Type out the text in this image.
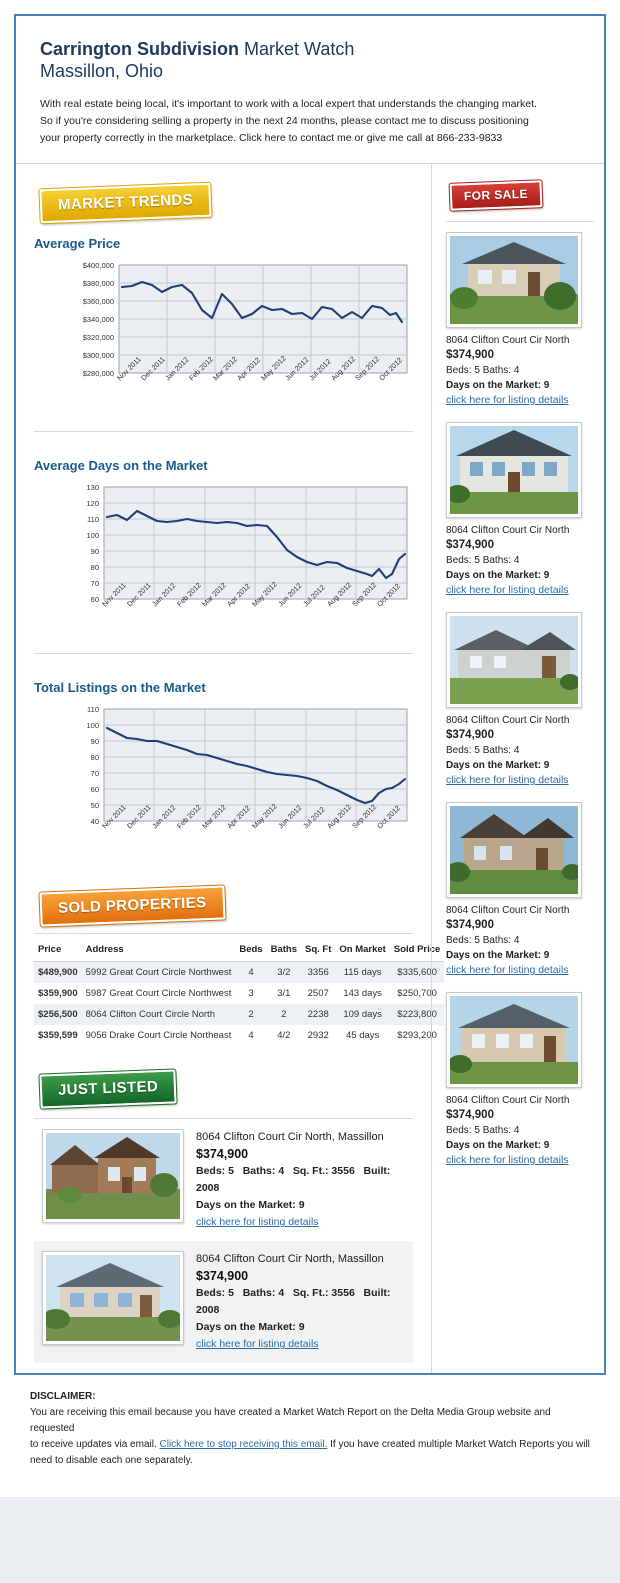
Carrington Subdivision Market Watch
Massillon, Ohio
With real estate being local, it's important to work with a local expert that understands the changing market.
So if you're considering selling a property in the next 24 months, please contact me to discuss positioning
your property correctly in the marketplace. Click here to contact me or give me call at 866-233-9833
MARKET TRENDS
Average Price
$400,000
$380,000
$360,000
$340,000
$320,000
$300,000
$280,000 Nov 2011
Dec 2011
Jan 2012
Feb 2012
Mar 2012
Apr 2012
May 2012
Jun 2012
Jul 2012
Aug 2012
Sep 2012
Oct 2012
Average Days on the Market
130
120
110
100
90
80
70
60 Nov 2011
Dec 2011
Jan 2012
Feb 2012
Mar 2012
Apr 2012
May 2012
Jun 2012
Jul 2012
Aug 2012
Sep 2012
Oct 2012
Total Listings on the Market
110
100
90
80
70
60
50
40 Nov 2011
Dec 2011
Jan 2012
Feb 2012
Mar 2012
Apr 2012
May 2012
Jun 2012
Jul 2012
Aug 2012
Sep 2012
Oct 2012
SOLD PROPERTIES
Price	Address	Beds	Baths	Sq. Ft	On Market	Sold Price
$489,900	5992 Great Court Circle Northwest	4	3/2	3356	115 days	$335,600
$359,900	5987 Great Court Circle Northwest	3	3/1	2507	143 days	$250,700
$256,500	8064 Clifton Court Circle North	2	2	2238	109 days	$223,800
$359,599	9056 Drake Court Circle Northeast	4	4/2	2932	45 days	$293,200
JUST LISTED
8064 Clifton Court Cir North, Massillon
$374,900
Beds: 5 Baths: 4 Sq. Ft.: 3556 Built: 2008
Days on the Market: 9
click here for listing details
8064 Clifton Court Cir North, Massillon
$374,900
Beds: 5 Baths: 4 Sq. Ft.: 3556 Built: 2008
Days on the Market: 9
click here for listing details
FOR SALE
8064 Clifton Court Cir North
$374,900
Beds: 5 Baths: 4
Days on the Market: 9
click here for listing details
8064 Clifton Court Cir North
$374,900
Beds: 5 Baths: 4
Days on the Market: 9
click here for listing details
8064 Clifton Court Cir North
$374,900
Beds: 5 Baths: 4
Days on the Market: 9
click here for listing details
8064 Clifton Court Cir North
$374,900
Beds: 5 Baths: 4
Days on the Market: 9
click here for listing details
8064 Clifton Court Cir North
$374,900
Beds: 5 Baths: 4
Days on the Market: 9
click here for listing details
DISCLAIMER:
You are receiving this email because you have created a Market Watch Report on the Delta Media Group website and requested
to receive updates via email. Click here to stop receiving this email. If you have created multiple Market Watch Reports you will
need to disable each one separately.
